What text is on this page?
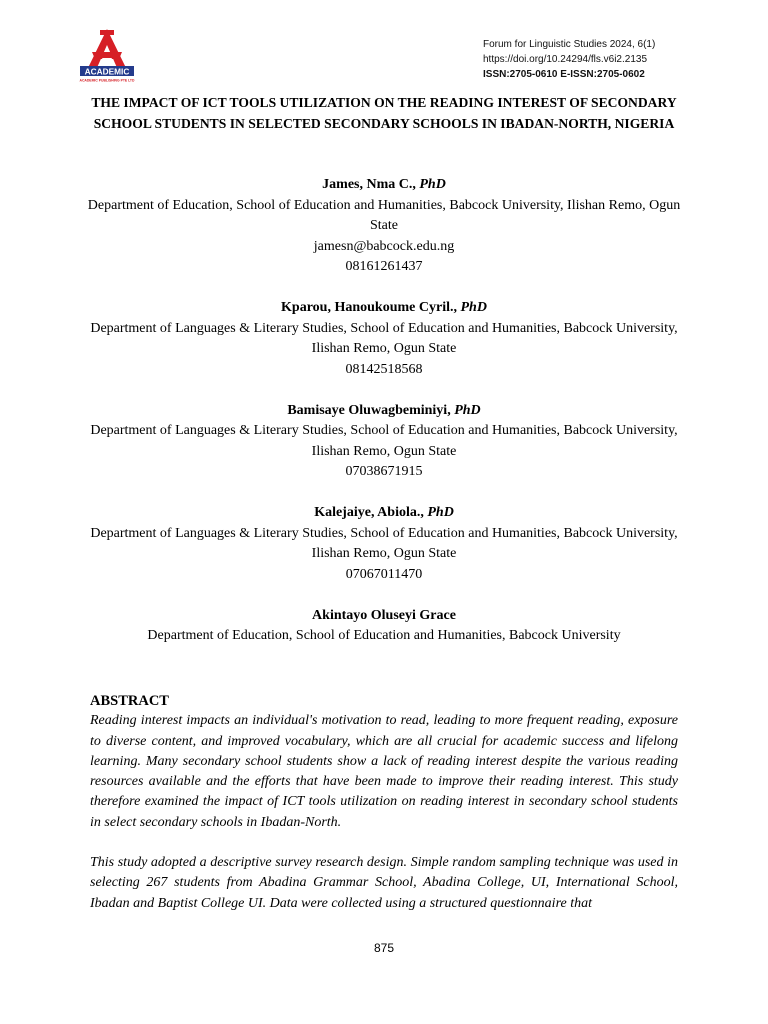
ACADEMIC
ACADEMIC PUBLISHING PTE LTD
Forum for Linguistic Studies 2024, 6(1)
https://doi.org/10.24294/fls.v6i2.2135
ISSN:2705-0610 E-ISSN:2705-0602
THE IMPACT OF ICT TOOLS UTILIZATION ON THE READING INTEREST OF SECONDARY SCHOOL STUDENTS IN SELECTED SECONDARY SCHOOLS IN IBADAN-NORTH, NIGERIA
James, Nma C., PhD
Department of Education, School of Education and Humanities, Babcock University, Ilishan Remo, Ogun State
jamesn@babcock.edu.ng
08161261437
Kparou, Hanoukoume Cyril., PhD
Department of Languages & Literary Studies, School of Education and Humanities, Babcock University, Ilishan Remo, Ogun State
08142518568
Bamisaye Oluwagbeminiyi, PhD
Department of Languages & Literary Studies, School of Education and Humanities, Babcock University, Ilishan Remo, Ogun State
07038671915
Kalejaiye, Abiola., PhD
Department of Languages & Literary Studies, School of Education and Humanities, Babcock University, Ilishan Remo, Ogun State
07067011470
Akintayo Oluseyi Grace
Department of Education, School of Education and Humanities, Babcock University
ABSTRACT

Reading interest impacts an individual's motivation to read, leading to more frequent reading, exposure to diverse content, and improved vocabulary, which are all crucial for academic success and lifelong learning. Many secondary school students show a lack of reading interest despite the various reading resources available and the efforts that have been made to improve their reading interest. This study therefore examined the impact of ICT tools utilization on reading interest in secondary school students in select secondary schools in Ibadan-North.

This study adopted a descriptive survey research design. Simple random sampling technique was used in selecting 267 students from Abadina Grammar School, Abadina College, UI, International School, Ibadan and Baptist College UI. Data were collected using a structured questionnaire that

875
